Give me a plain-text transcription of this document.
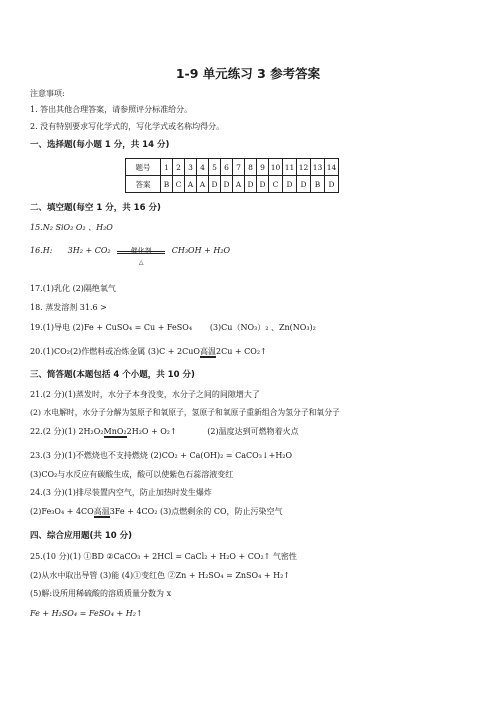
1-9 单元练习 3 参考答案
注意事项:
1. 答出其他合理答案，请参照评分标准给分。
2. 没有特别要求写化学式的，写化学式或名称均得分。
一、选择题(每小题 1 分，共 14 分)
题号	1	2	3	4	5	6	7	8	9	10	11	12	13	14
答案	B	C	A	A	D	D	A	D	D	C	D	D	B	D
二、填空题(每空 1 分，共 16 分)
15.N₂ SiO₂ O₂ 、H₂O
16.H: 3H₂ + CO₂	催化剂
△
CH₃OH + H₂O
17.(1)乳化 (2)隔绝氧气
18. 蒸发溶剂 31.6 >
19.(1)导电 (2)Fe + CuSO₄ = Cu + FeSO₄ (3)Cu（NO₃）₂ 、Zn(NO₃)₂
20.(1)CO₂(2)作燃料或冶炼金属 (3)C + 2CuO高温2Cu + CO₂↑
三、简答题(本题包括 4 个小题，共 10 分)
21.(2 分)(1)蒸发时，水分子本身没变，水分子之间的间隙增大了
(2) 水电解时，水分子分解为氢原子和氧原子，氢原子和氧原子重新组合为氢分子和氧分子
22.(2 分)(1) 2H₂O₂MnO₂2H₂O + O₂↑	(2)温度达到可燃物着火点
23.(3 分)(1)不燃烧也不支持燃烧 (2)CO₂ + Ca(OH)₂ = CaCO₃↓+H₂O
(3)CO₂与水反应有碳酸生成，酸可以使紫色石蕊溶液变红
24.(3 分)(1)排尽装置内空气，防止加热时发生爆炸
(2)Fe₃O₄ + 4CO高温3Fe + 4CO₂ (3)点燃剩余的 CO，防止污染空气
四、综合应用题(共 10 分)
25.(10 分)(1) ①BD ②CaCO₃ + 2HCl = CaCl₂ + H₂O + CO₂↑ 气密性
(2)从水中取出导管 (3)能 (4)①变红色 ②Zn + H₂SO₄ = ZnSO₄ + H₂↑
(5)解:设所用稀硫酸的溶质质量分数为 x
Fe + H₂SO₄ = FeSO₄ + H₂↑
